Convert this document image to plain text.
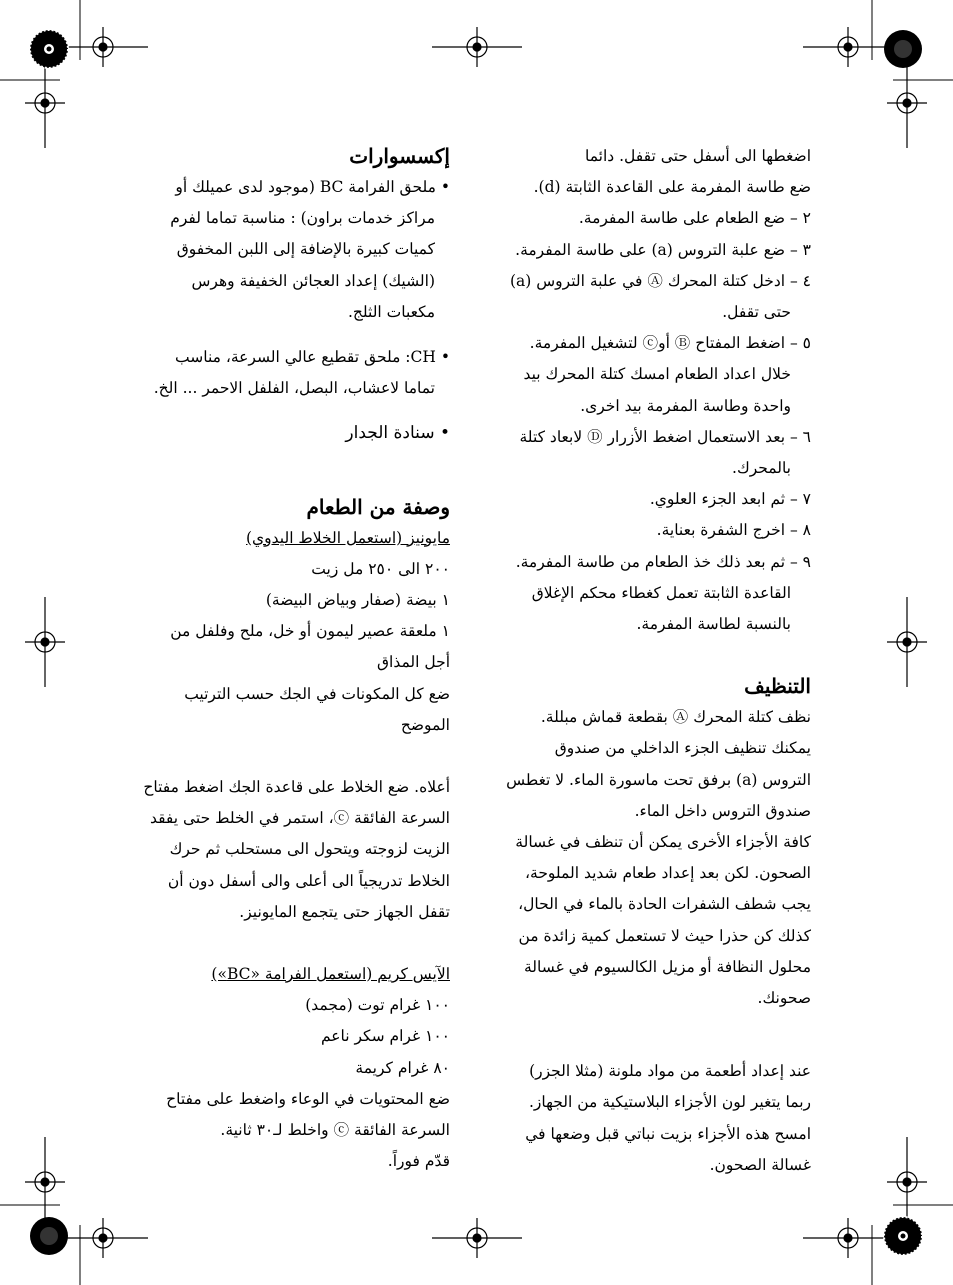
اضغطها الى أسفل حتى تقفل. دائما

ضع طاسة المفرمة على القاعدة الثابتة (d).

٢ – ضع الطعام على طاسة المفرمة.

٣ – ضع علبة التروس (a) على طاسة المفرمة.

٤ – ادخل كتلة المحرك Ⓐ في علبة التروس (a) حتى تقفل.

٥ – اضغط المفتاح Ⓑ أوⓒ لتشغيل المفرمة. خلال اعداد الطعام امسك كتلة المحرك بيد واحدة وطاسة المفرمة بيد اخرى.

٦ – بعد الاستعمال اضغط الأزرار Ⓓ لابعاد كتلة بالمحرك.

٧ – ثم ابعد الجزء العلوي.

٨ – اخرج الشفرة بعناية.

٩ – ثم بعد ذلك خذ الطعام من طاسة المفرمة. القاعدة الثابتة تعمل كغطاء محكم الإغلاق بالنسبة لطاسة المفرمة.

التنظيف

نظف كتلة المحرك Ⓐ بقطعة قماش مبللة. يمكنك تنظيف الجزء الداخلي من صندوق التروس (a) برفق تحت ماسورة الماء. لا تغطس صندوق التروس داخل الماء.

كافة الأجزاء الأخرى يمكن أن تنظف في غسالة الصحون. لكن بعد إعداد طعام شديد الملوحة، يجب شطف الشفرات الحادة بالماء في الحال، كذلك كن حذرا حيث لا تستعمل كمية زائدة من محلول النظافة أو مزيل الكالسيوم في غسالة صحونك.

عند إعداد أطعمة من مواد ملونة (مثلا الجزر) ربما يتغير لون الأجزاء البلاستيكية من الجهاز. امسح هذه الأجزاء بزيت نباتي قبل وضعها في غسالة الصحون.

إكسسوارات

• ملحق الفرامة BC (موجود لدى عميلك أو مراكز خدمات براون) : مناسبة تماما لفرم كميات كبيرة بالإضافة إلى اللبن المخفوق (الشيك) إعداد العجائن الخفيفة وهرس مكعبات الثلج.

• CH: ملحق تقطيع عالي السرعة، مناسب تماما لاعشاب، البصل، الفلفل الاحمر ... الخ.

• سنادة الجدار

وصفة من الطعام

مايونيز (استعمل الخلاط اليدوي)

٢٠٠ الى ٢٥٠ مل زيت

١ بيضة (صفار وبياض البيضة)

١ ملعقة عصير ليمون أو خل، ملح وفلفل من أجل المذاق

ضع كل المكونات في الجك حسب الترتيب الموضح

أعلاه. ضع الخلاط على قاعدة الجك اضغط مفتاح السرعة الفائقة ⓒ، استمر في الخلط حتى يفقد الزيت لزوجته ويتحول الى مستحلب ثم حرك الخلاط تدريجياً الى أعلى والى أسفل دون أن تقفل الجهاز حتى يتجمع المايونيز.

الآيس كريم (استعمل الفرامة «BC»)

١٠٠ غرام توت (مجمد)

١٠٠ غرام سكر ناعم

٨٠ غرام كريمة

ضع المحتويات في الوعاء واضغط على مفتاح السرعة الفائقة ⓒ واخلط لـ٣٠ ثانية.

قدّم فوراً.
